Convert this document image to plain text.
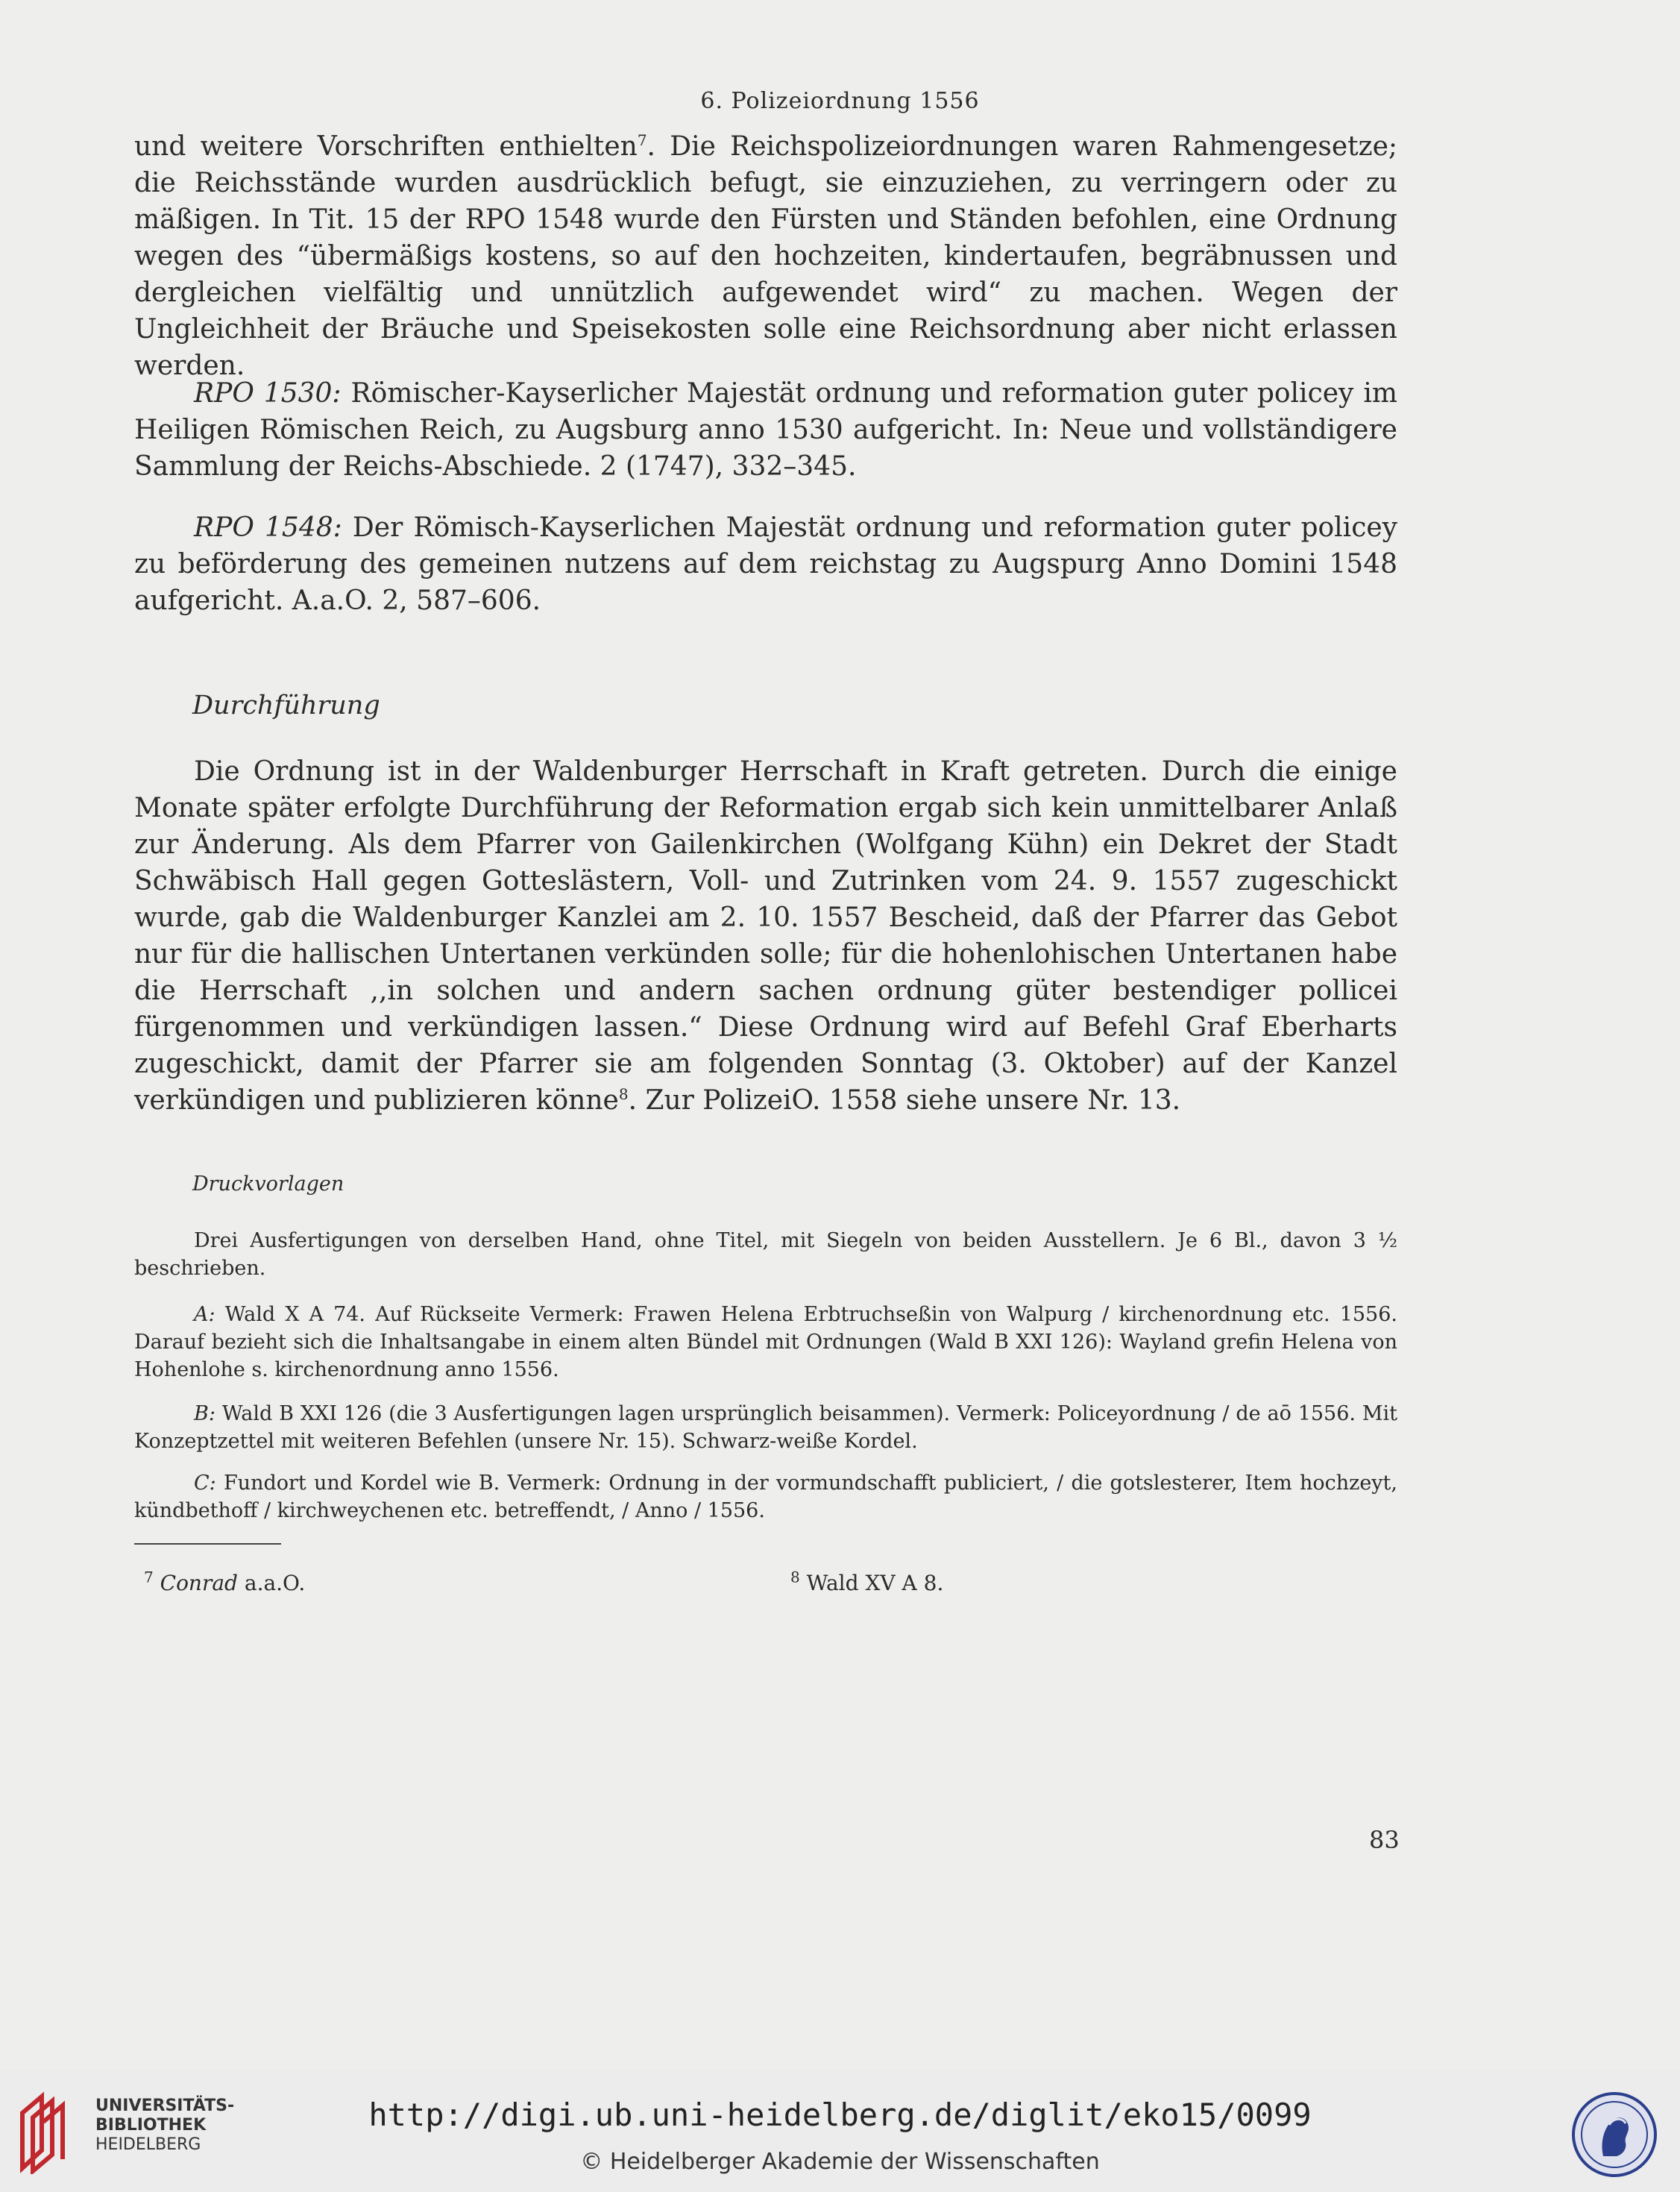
6. Polizeiordnung 1556

und weitere Vorschriften enthielten$^7$. Die Reichspolizeiordnungen waren Rahmengesetze; die Reichsstände wurden ausdrücklich befugt, sie einzuziehen, zu verringern oder zu mäßigen. In Tit. 15 der RPO 1548 wurde den Fürsten und Ständen befohlen, eine Ordnung wegen des “übermäßigs kostens, so auf den hochzeiten, kindertaufen, begräbnussen und dergleichen vielfältig und unnützlich aufgewendet wird“ zu machen. Wegen der Ungleichheit der Bräuche und Speisekosten solle eine Reichsordnung aber nicht erlassen werden.

RPO 1530: Römischer-Kayserlicher Majestät ordnung und reformation guter policey im Heiligen Römischen Reich, zu Augsburg anno 1530 aufgericht. In: Neue und vollständigere Sammlung der Reichs-Abschiede. 2 (1747), 332–345.

RPO 1548: Der Römisch-Kayserlichen Majestät ordnung und reformation guter policey zu beförderung des gemeinen nutzens auf dem reichstag zu Augspurg Anno Domini 1548 aufgericht. A.a.O. 2, 587–606.

Durchführung

Die Ordnung ist in der Waldenburger Herrschaft in Kraft getreten. Durch die einige Monate später erfolgte Durchführung der Reformation ergab sich kein unmittelbarer Anlaß zur Änderung. Als dem Pfarrer von Gailenkirchen (Wolfgang Kühn) ein Dekret der Stadt Schwäbisch Hall gegen Gotteslästern, Voll- und Zutrinken vom 24. 9. 1557 zugeschickt wurde, gab die Waldenburger Kanzlei am 2. 10. 1557 Bescheid, daß der Pfarrer das Gebot nur für die hallischen Untertanen verkünden solle; für die hohenlohischen Untertanen habe die Herrschaft ,,in solchen und andern sachen ordnung güter bestendiger pollicei fürgenommen und verkündigen lassen.“ Diese Ordnung wird auf Befehl Graf Eberharts zugeschickt, damit der Pfarrer sie am folgenden Sonntag (3. Oktober) auf der Kanzel verkündigen und publizieren könne$^8$. Zur PolizeiO. 1558 siehe unsere Nr. 13.

Druckvorlagen

Drei Ausfertigungen von derselben Hand, ohne Titel, mit Siegeln von beiden Ausstellern. Je 6 Bl., davon 3 ½ beschrieben.

A: Wald X A 74. Auf Rückseite Vermerk: Frawen Helena Erbtruchseßin von Walpurg / kirchenordnung etc. 1556. Darauf bezieht sich die Inhaltsangabe in einem alten Bündel mit Ordnungen (Wald B XXI 126): Wayland grefin Helena von Hohenlohe s. kirchenordnung anno 1556.

B: Wald B XXI 126 (die 3 Ausfertigungen lagen ursprünglich beisammen). Vermerk: Policeyordnung / de aō 1556. Mit Konzeptzettel mit weiteren Befehlen (unsere Nr. 15). Schwarz-weiße Kordel.

C: Fundort und Kordel wie B. Vermerk: Ordnung in der vormundschafft publiciert, / die gotslesterer, Item hochzeyt, kündbethoff / kirchweychenen etc. betreffendt, / Anno / 1556.

$^7$ Conrad a.a.O.	$^8$ Wald XV A 8.
83
UNIVERSITÄTS-
BIBLIOTHEK
HEIDELBERG
http://digi.ub.uni-heidelberg.de/diglit/eko15/0099
© Heidelberger Akademie der Wissenschaften
